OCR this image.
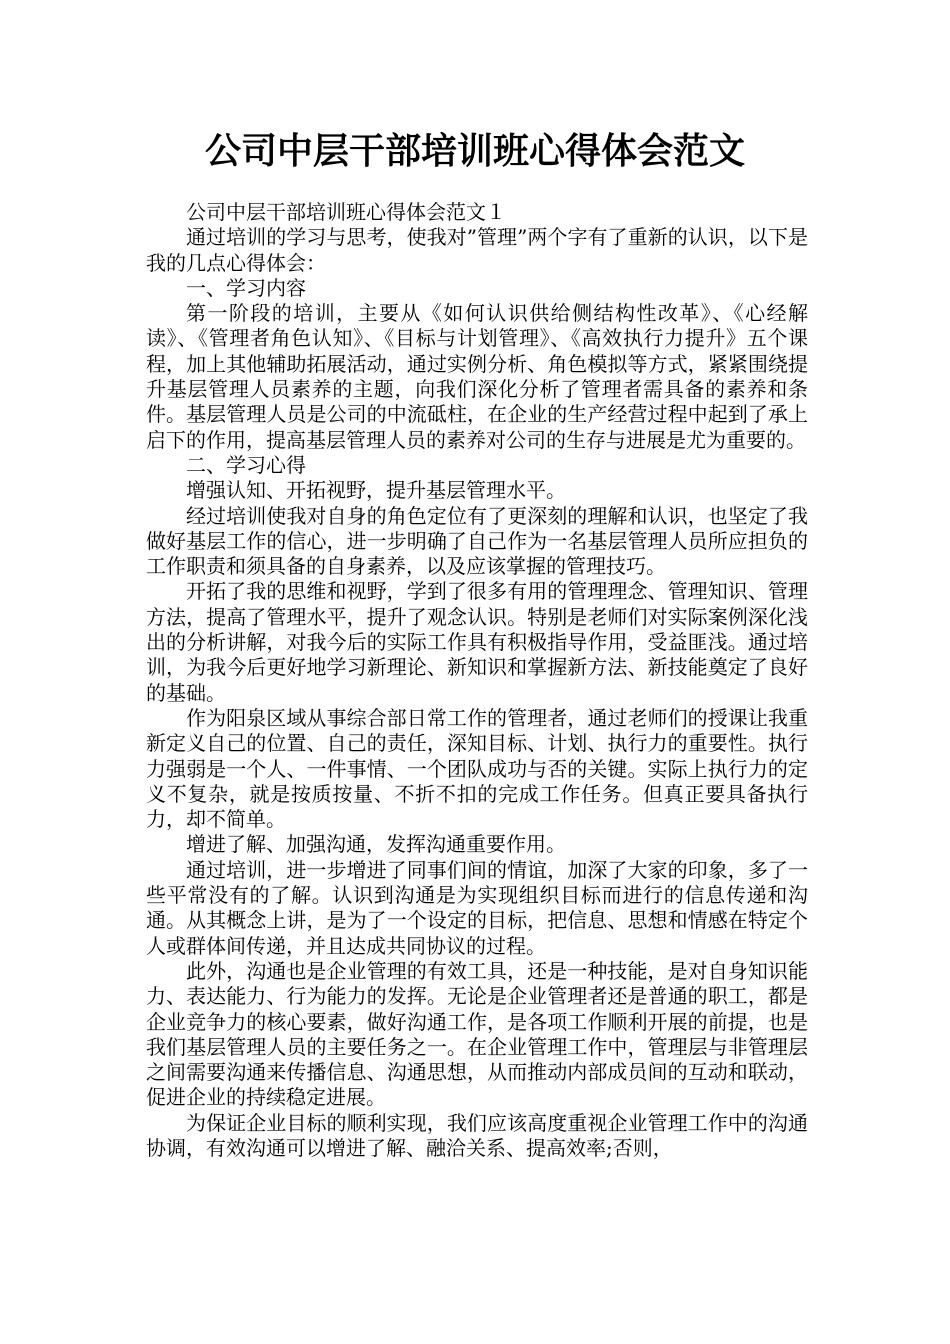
公司中层干部培训班心得体会范文

公司中层干部培训班心得体会范文１

通过培训的学习与思考，使我对”管理”两个字有了重新的认识，以下是我的几点心得体会：

一、学习内容

第一阶段的培训，主要从《如何认识供给侧结构性改革》、《心经解读》、《管理者角色认知》、《目标与计划管理》、《高效执行力提升》五个课程，加上其他辅助拓展活动，通过实例分析、角色模拟等方式，紧紧围绕提升基层管理人员素养的主题，向我们深化分析了管理者需具备的素养和条件。基层管理人员是公司的中流砥柱，在企业的生产经营过程中起到了承上启下的作用，提高基层管理人员的素养对公司的生存与进展是尤为重要的。

二、学习心得

增强认知、开拓视野，提升基层管理水平。

经过培训使我对自身的角色定位有了更深刻的理解和认识，也坚定了我做好基层工作的信心，进一步明确了自己作为一名基层管理人员所应担负的工作职责和须具备的自身素养，以及应该掌握的管理技巧。

开拓了我的思维和视野，学到了很多有用的管理理念、管理知识、管理方法，提高了管理水平，提升了观念认识。特别是老师们对实际案例深化浅出的分析讲解，对我今后的实际工作具有积极指导作用，受益匪浅。通过培训，为我今后更好地学习新理论、新知识和掌握新方法、新技能奠定了良好的基础。

作为阳泉区域从事综合部日常工作的管理者，通过老师们的授课让我重新定义自己的位置、自己的责任，深知目标、计划、执行力的重要性。执行力强弱是一个人、一件事情、一个团队成功与否的关键。实际上执行力的定义不复杂，就是按质按量、不折不扣的完成工作任务。但真正要具备执行力，却不简单。

增进了解、加强沟通，发挥沟通重要作用。

通过培训，进一步增进了同事们间的情谊，加深了大家的印象，多了一些平常没有的了解。认识到沟通是为实现组织目标而进行的信息传递和沟通。从其概念上讲，是为了一个设定的目标，把信息、思想和情感在特定个人或群体间传递，并且达成共同协议的过程。

此外，沟通也是企业管理的有效工具，还是一种技能，是对自身知识能力、表达能力、行为能力的发挥。无论是企业管理者还是普通的职工，都是企业竞争力的核心要素，做好沟通工作，是各项工作顺利开展的前提，也是我们基层管理人员的主要任务之一。在企业管理工作中，管理层与非管理层之间需要沟通来传播信息、沟通思想，从而推动内部成员间的互动和联动，促进企业的持续稳定进展。

为保证企业目标的顺利实现，我们应该高度重视企业管理工作中的沟通协调，有效沟通可以增进了解、融洽关系、提高效率;否则，
